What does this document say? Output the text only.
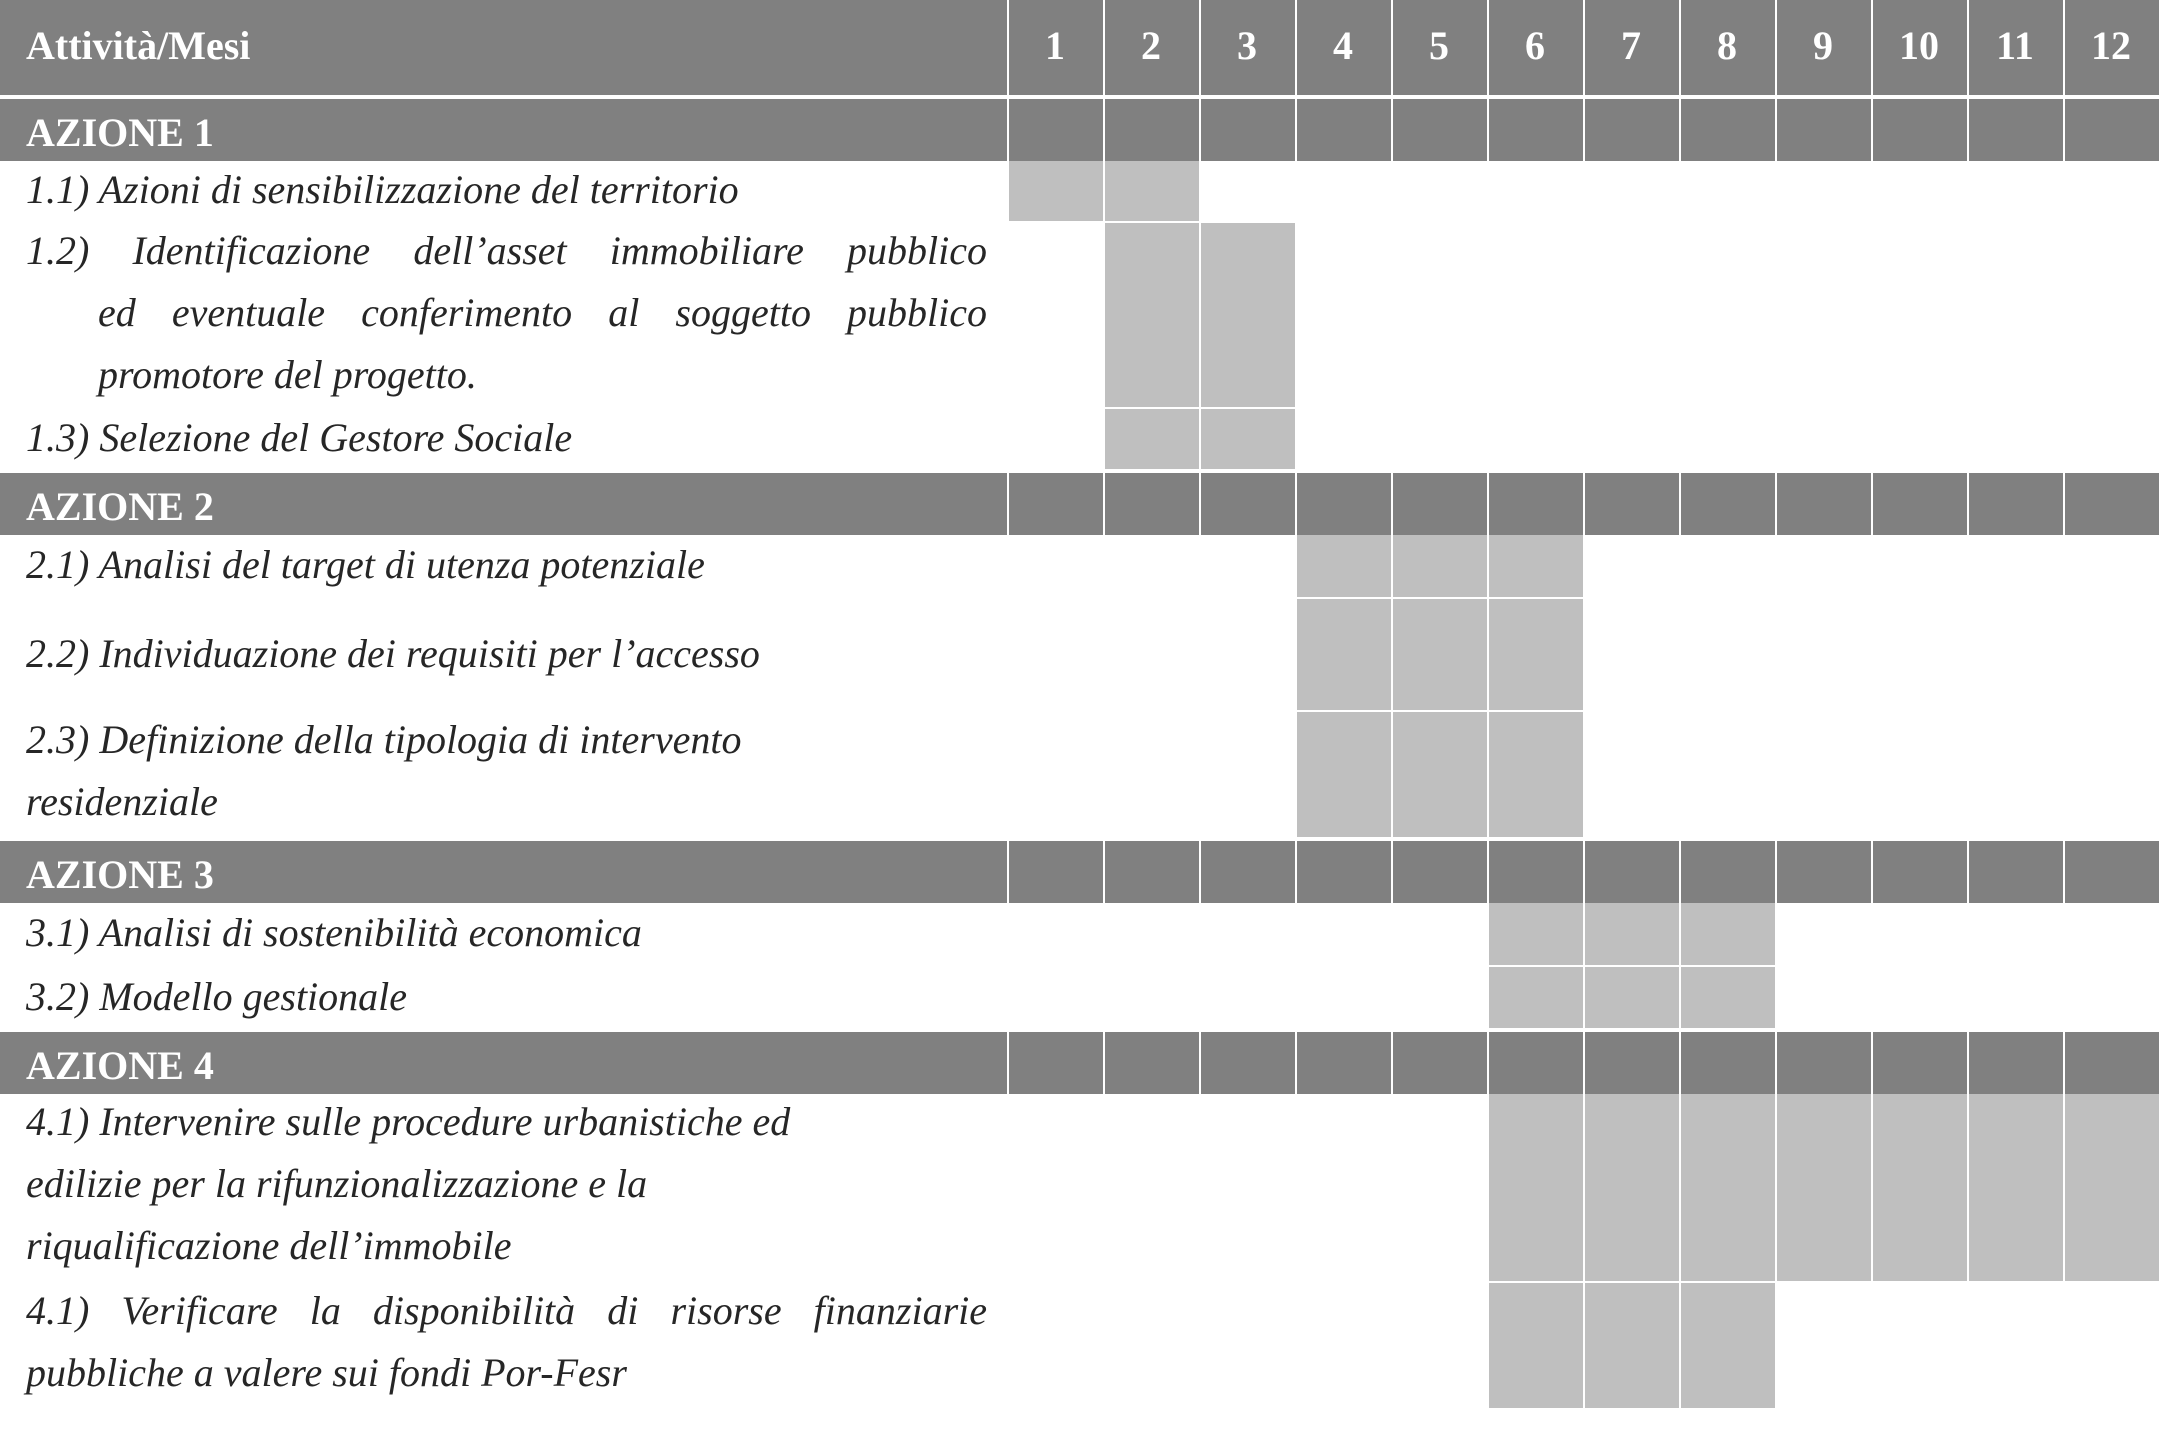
Attività/Mesi	1	2	3	4	5	6	7	8	9	10	11	12
AZIONE 1
1.1) Azioni di sensibilizzazione del territorio
1.2) Identificazione dell’asset immobiliare pubblico
ed eventuale conferimento al soggetto pubblico
promotore del progetto.
1.3) Selezione del Gestore Sociale
AZIONE 2
2.1) Analisi del target di utenza potenziale
2.2) Individuazione dei requisiti per l’accesso
2.3) Definizione della tipologia di intervento
residenziale
AZIONE 3
3.1) Analisi di sostenibilità economica
3.2) Modello gestionale
AZIONE 4
4.1) Intervenire sulle procedure urbanistiche ed
edilizie per la rifunzionalizzazione e la
riqualificazione dell’immobile
4.1) Verificare la disponibilità di risorse finanziarie
pubbliche a valere sui fondi Por-Fesr
